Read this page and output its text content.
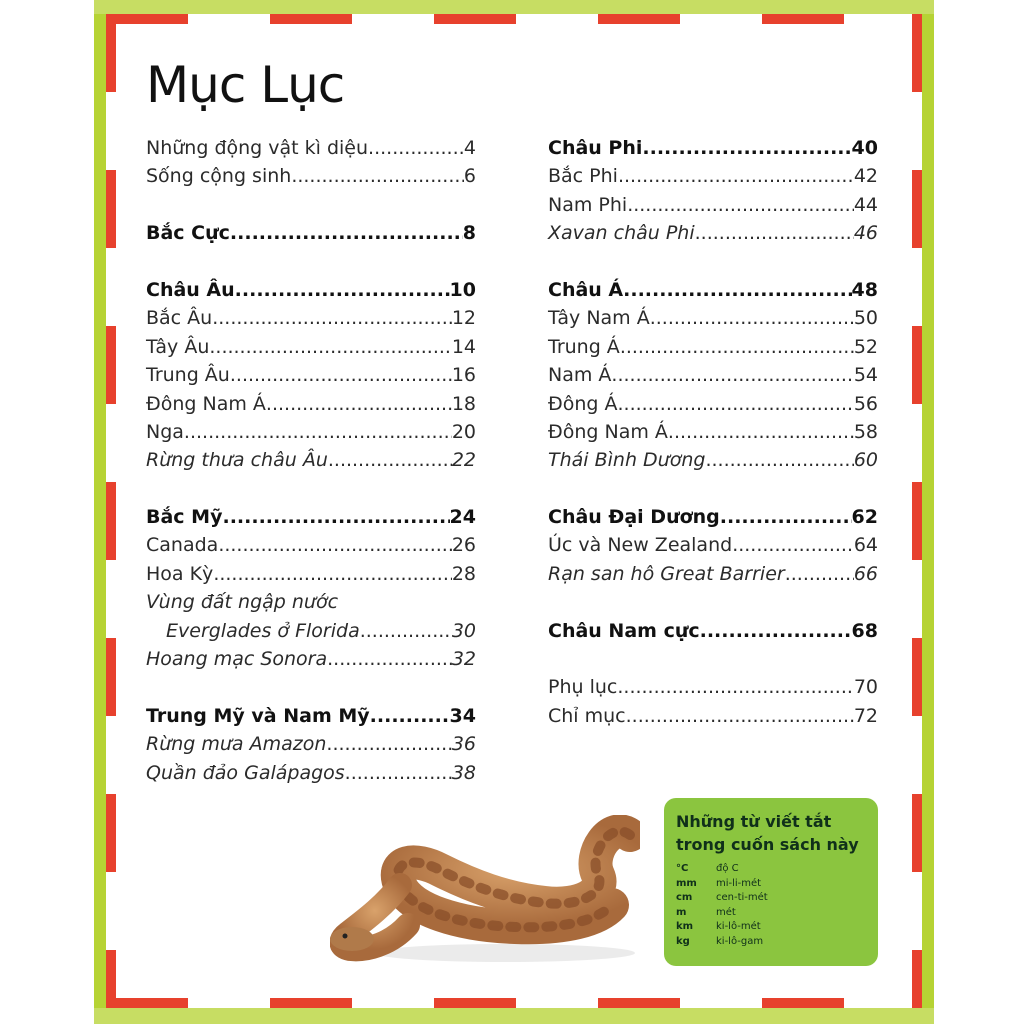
Mục Lục
Những động vật kì diệu .....	4
Sống cộng sinh .....	6
Bắc Cực .....	8
Châu Âu .....	10
Bắc Âu .....	12
Tây Âu .....	14
Trung Âu .....	16
Đông Nam Á .....	18
Nga .....	20
Rừng thưa châu Âu .....	22
Bắc Mỹ .....	24
Canada .....	26
Hoa Kỳ .....	28
Vùng đất ngập nước
Everglades ở Florida .....	30
Hoang mạc Sonora .....	32
Trung Mỹ và Nam Mỹ .....	34
Rừng mưa Amazon .....	36
Quần đảo Galápagos .....	38
Châu Phi .....	40
Bắc Phi .....	42
Nam Phi .....	44
Xavan châu Phi .....	46
Châu Á .....	48
Tây Nam Á .....	50
Trung Á .....	52
Nam Á .....	54
Đông Á .....	56
Đông Nam Á .....	58
Thái Bình Dương .....	60
Châu Đại Dương .....	62
Úc và New Zealand .....	64
Rạn san hô Great Barrier .....	66
Châu Nam cực .....	68
Phụ lục .....	70
Chỉ mục .....	72
Những từ viết tắt trong cuốn sách này
°C	độ C
mm	mi-li-mét
cm	cen-ti-mét
m	mét
km	ki-lô-mét
kg	ki-lô-gam
